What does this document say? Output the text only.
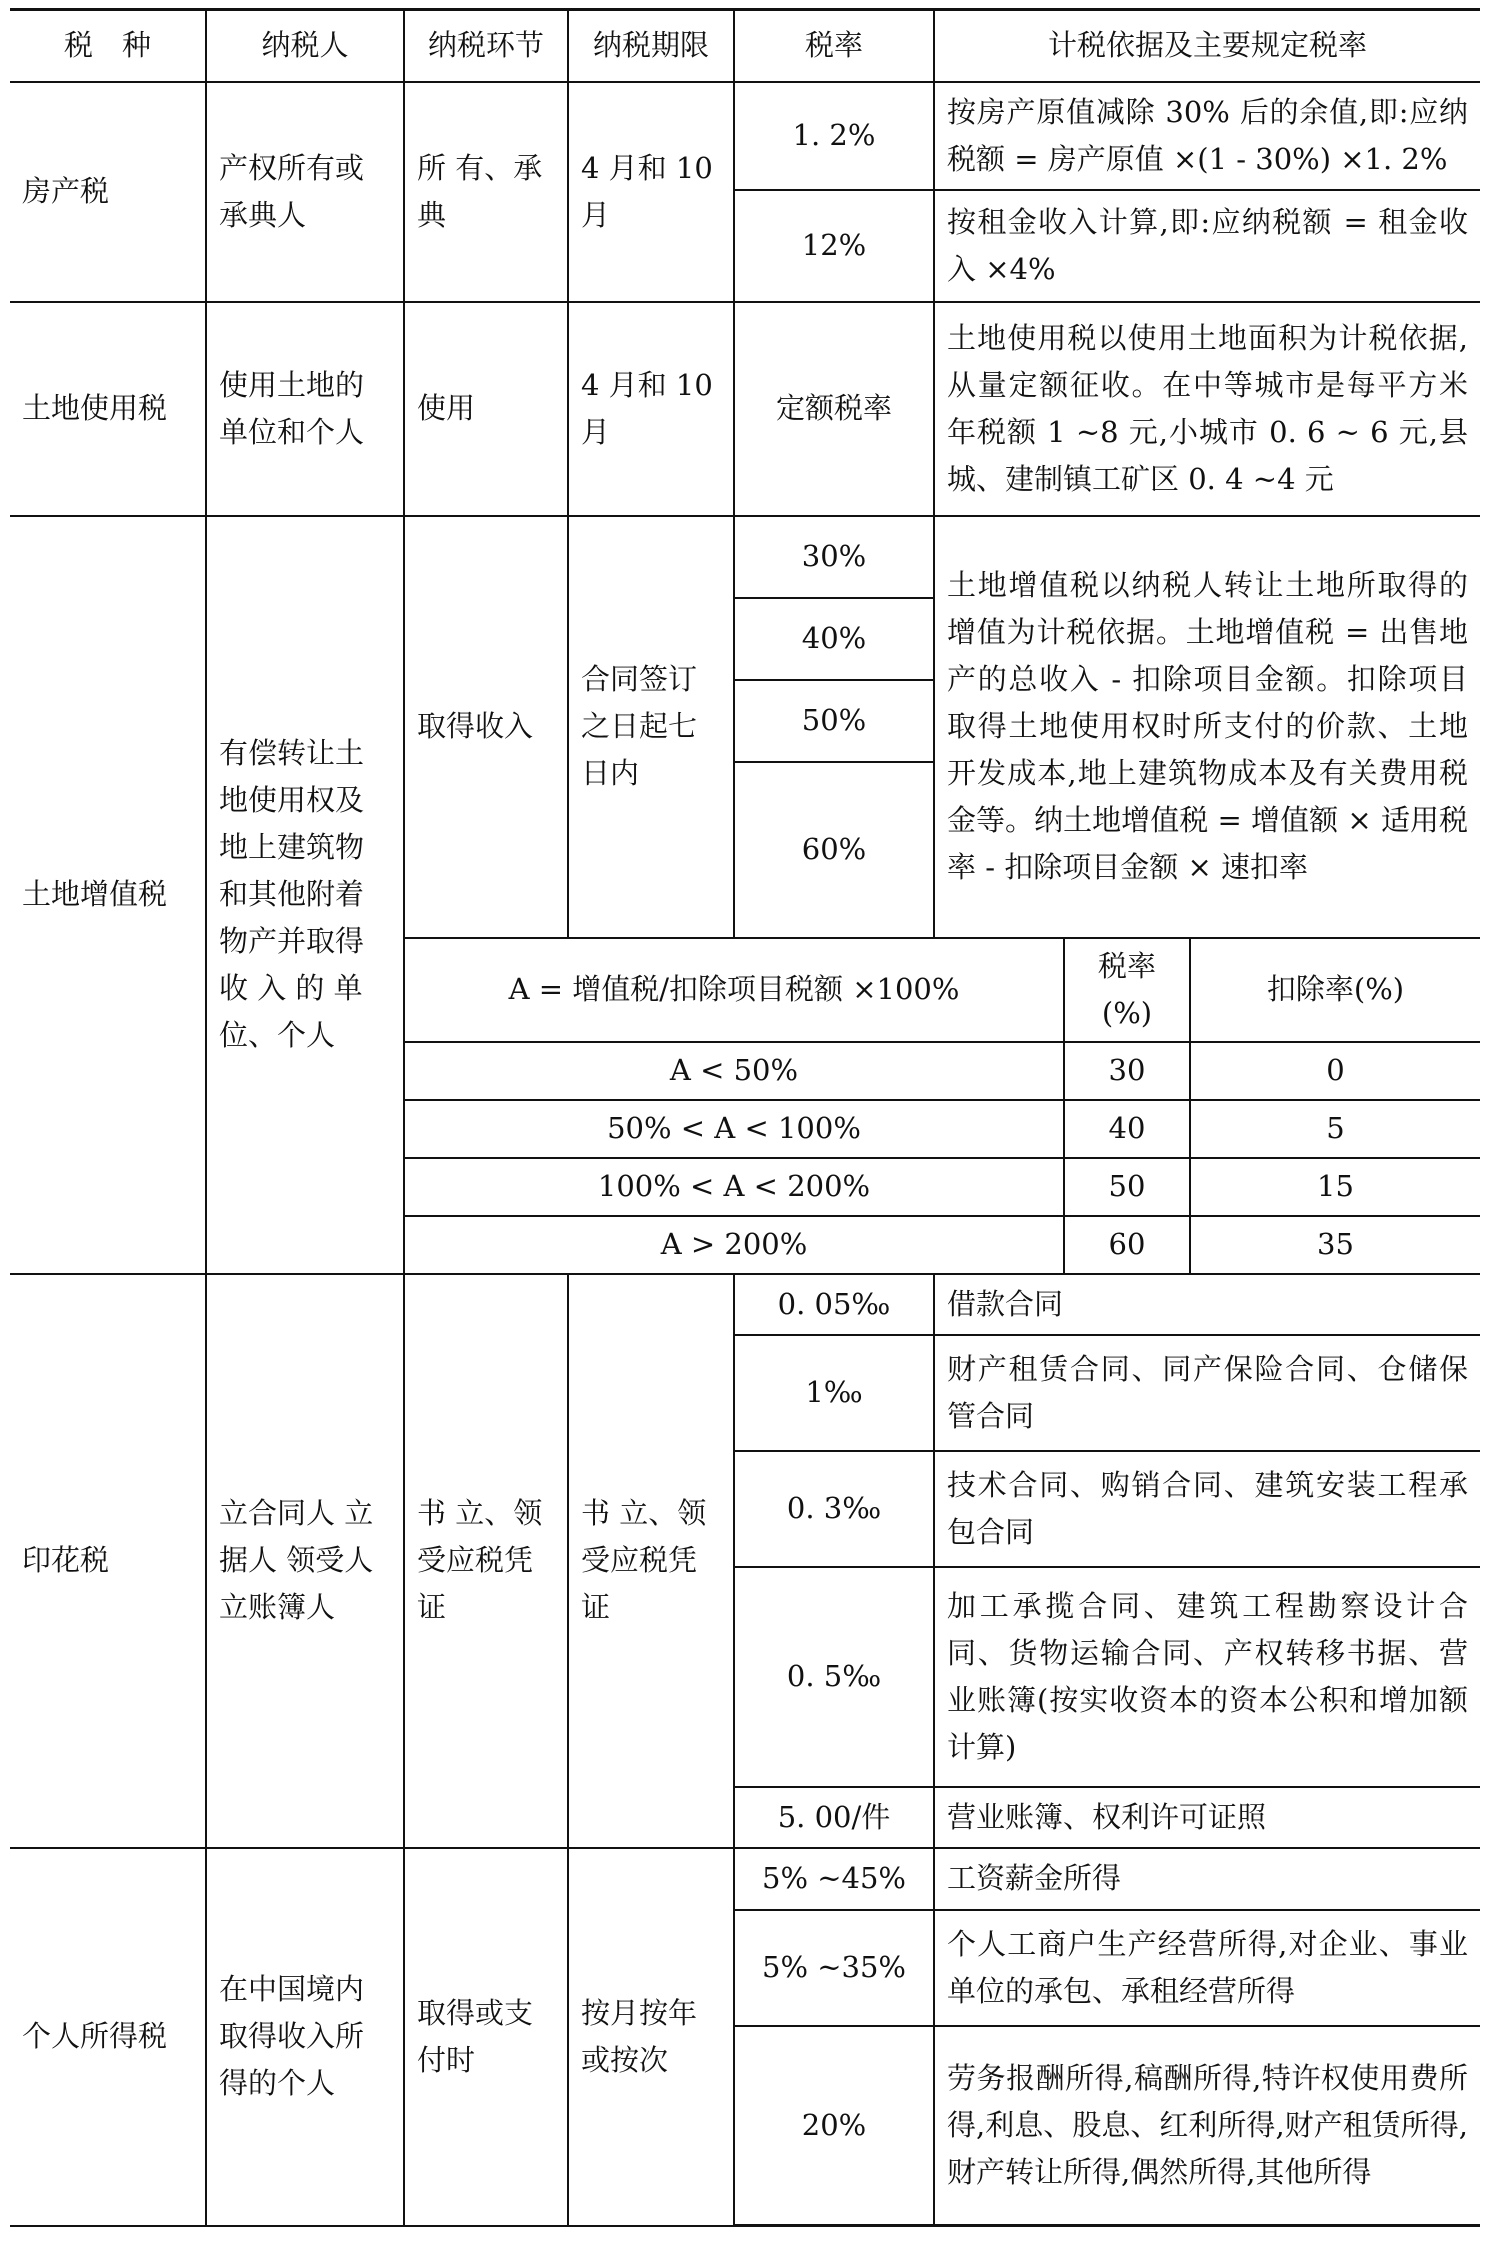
税　种	纳税人	纳税环节	纳税期限	税率	计税依据及主要规定税率		
房产税	产权所有或承典人	所 有、承典	4 月和 10 月	1. 2%	按房产原值减除 30% 后的余值,即:应纳税额 = 房产原值 ×(1 - 30%) ×1. 2%		
				12%	按租金收入计算,即:应纳税额 = 租金收入 ×4%		
土地使用税	使用土地的单位和个人	使用	4 月和 10 月	定额税率	土地使用税以使用土地面积为计税依据,从量定额征收。在中等城市是每平方米年税额 1 ~8 元,小城市 0. 6 ~ 6 元,县城、建制镇工矿区 0. 4 ~4 元		
土地增值税	有偿转让土地使用权及地上建筑物和其他附着物产并取得收 入 的 单位、个人	取得收入	合同签订之日起七日内	30%	土地增值税以纳税人转让土地所取得的增值为计税依据。土地增值税 = 出售地产的总收入 - 扣除项目金额。扣除项目取得土地使用权时所支付的价款、土地开发成本,地上建筑物成本及有关费用税金等。纳土地增值税 = 增值额 × 适用税率 - 扣除项目金额 × 速扣率		
				40%			
				50%			
				60%			
		A = 增值税/扣除项目税额 ×100%				税率(%)	扣除率(%)
		A < 50%				30	0
		50% < A < 100%				40	5
		100% < A < 200%				50	15
		A > 200%				60	35
印花税	立合同人 立据人 领受人 立账簿人	书 立、领受应税凭证	书 立、领受应税凭证	0. 05‰	借款合同		
				1‰	财产租赁合同、同产保险合同、仓储保管合同		
				0. 3‰	技术合同、购销合同、建筑安装工程承包合同		
				0. 5‰	加工承揽合同、建筑工程勘察设计合同、货物运输合同、产权转移书据、营业账簿(按实收资本的资本公积和增加额计算)		
				5. 00/件	营业账簿、权利许可证照		
个人所得税	在中国境内取得收入所得的个人	取得或支付时	按月按年或按次	5% ~45%	工资薪金所得		
				5% ~35%	个人工商户生产经营所得,对企业、事业单位的承包、承租经营所得		
				20%	劳务报酬所得,稿酬所得,特许权使用费所得,利息、股息、红利所得,财产租赁所得,财产转让所得,偶然所得,其他所得		
